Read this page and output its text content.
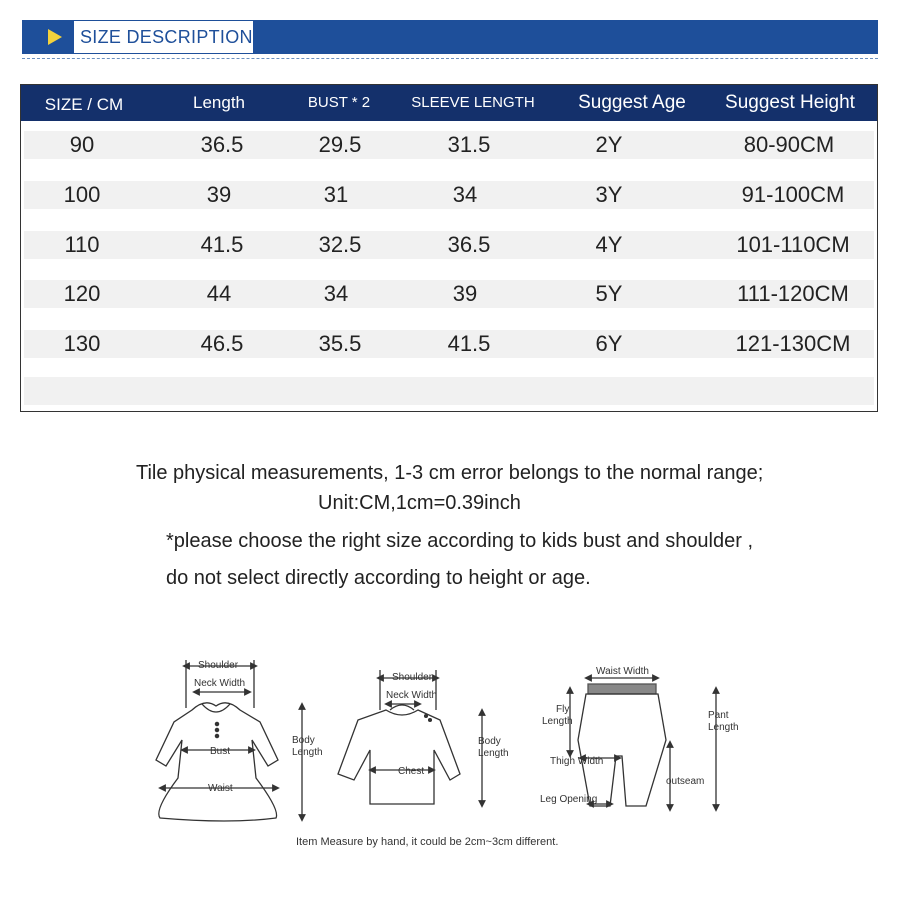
SIZE DESCRIPTION
SIZE / CM	Length	BUST * 2	SLEEVE LENGTH	Suggest Age	Suggest Height
90	36.5	29.5	31.5	2Y	80-90CM
100	39	31	34	3Y	91-100CM
110	41.5	32.5	36.5	4Y	101-110CM
120	44	34	39	5Y	111-120CM
130	46.5	35.5	41.5	6Y	121-130CM
Tile physical measurements, 1-3 cm error belongs to the normal range;
Unit:CM,1cm=0.39inch
*please choose the right size according to kids bust and shoulder ,
do not select directly according to height or age.
Shoulder
Neck Width
Bust
Waist
Body
Length
Shoulder
Neck Width
Chest
Body
Length
Waist Width
Fly
Length
Pant
Length
Thigh Width
outseam
Leg Opening
Item Measure by hand, it could be 2cm~3cm different.
